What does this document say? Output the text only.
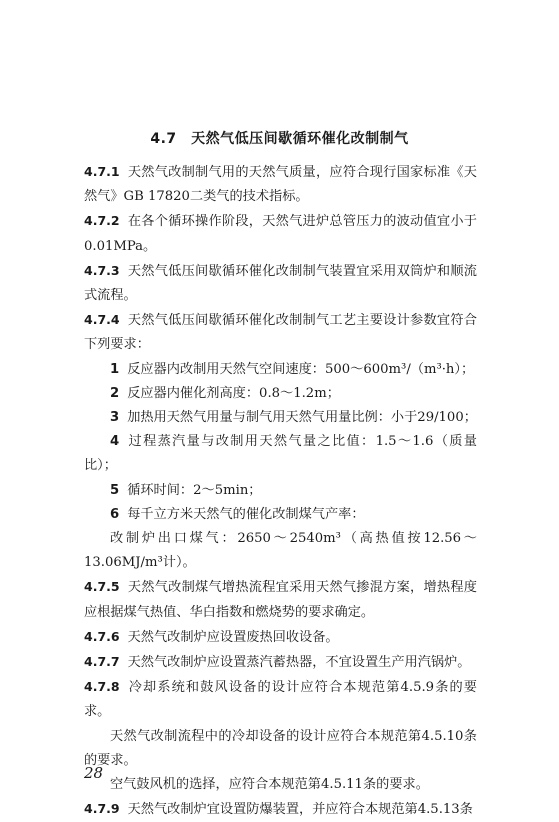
4.7　天然气低压间歇循环催化改制制气

4.7.1 天然气改制制气用的天然气质量，应符合现行国家标准《天然气》GB 17820二类气的技术指标。

4.7.2 在各个循环操作阶段，天然气进炉总管压力的波动值宜小于0.01MPa。

4.7.3 天然气低压间歇循环催化改制制气装置宜采用双筒炉和顺流式流程。

4.7.4 天然气低压间歇循环催化改制制气工艺主要设计参数宜符合下列要求：

1 反应器内改制用天然气空间速度：500～600m³/（m³·h）；

2 反应器内催化剂高度：0.8～1.2m；

3 加热用天然气用量与制气用天然气用量比例：小于29/100；

4 过程蒸汽量与改制用天然气量之比值：1.5～1.6（质量比）；

5 循环时间：2～5min；

6 每千立方米天然气的催化改制煤气产率：

改制炉出口煤气：2650～2540m³（高热值按12.56～13.06MJ/m³计）。

4.7.5 天然气改制煤气增热流程宜采用天然气掺混方案，增热程度应根据煤气热值、华白指数和燃烧势的要求确定。

4.7.6 天然气改制炉应设置废热回收设备。

4.7.7 天然气改制炉应设置蒸汽蓄热器，不宜设置生产用汽锅炉。

4.7.8 冷却系统和鼓风设备的设计应符合本规范第4.5.9条的要求。

天然气改制流程中的冷却设备的设计应符合本规范第4.5.10条的要求。

空气鼓风机的选择，应符合本规范第4.5.11条的要求。

4.7.9 天然气改制炉宜设置防爆装置，并应符合本规范第4.5.13条

28
